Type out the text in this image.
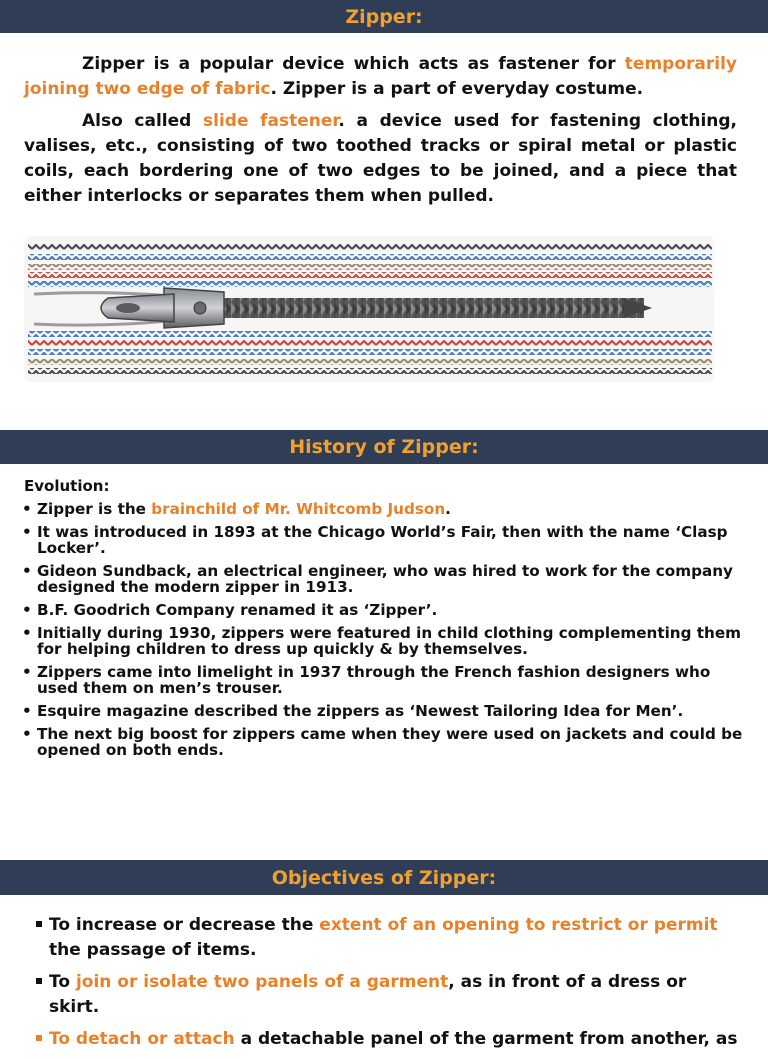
Zipper:

Zipper is a popular device which acts as fastener for temporarily joining two edge of fabric. Zipper is a part of everyday costume.

Also called slide fastener. a device used for fastening clothing, valises, etc., consisting of two toothed tracks or spiral metal or plastic coils, each bordering one of two edges to be joined, and a piece that either interlocks or separates them when pulled.

History of Zipper:
Evolution:
• Zipper is the brainchild of Mr. Whitcomb Judson.
• It was introduced in 1893 at the Chicago World’s Fair, then with the name ‘Clasp Locker’.
• Gideon Sundback, an electrical engineer, who was hired to work for the company designed the modern zipper in 1913.
• B.F. Goodrich Company renamed it as ‘Zipper’.
• Initially during 1930, zippers were featured in child clothing complementing them for helping children to dress up quickly & by themselves.
• Zippers came into limelight in 1937 through the French fashion designers who used them on men’s trouser.
• Esquire magazine described the zippers as ‘Newest Tailoring Idea for Men’.
• The next big boost for zippers came when they were used on jackets and could be opened on both ends.
Objectives of Zipper:
To increase or decrease the extent of an opening to restrict or permit the passage of items.
To join or isolate two panels of a garment, as in front of a dress or skirt.
To detach or attach a detachable panel of the garment from another, as
